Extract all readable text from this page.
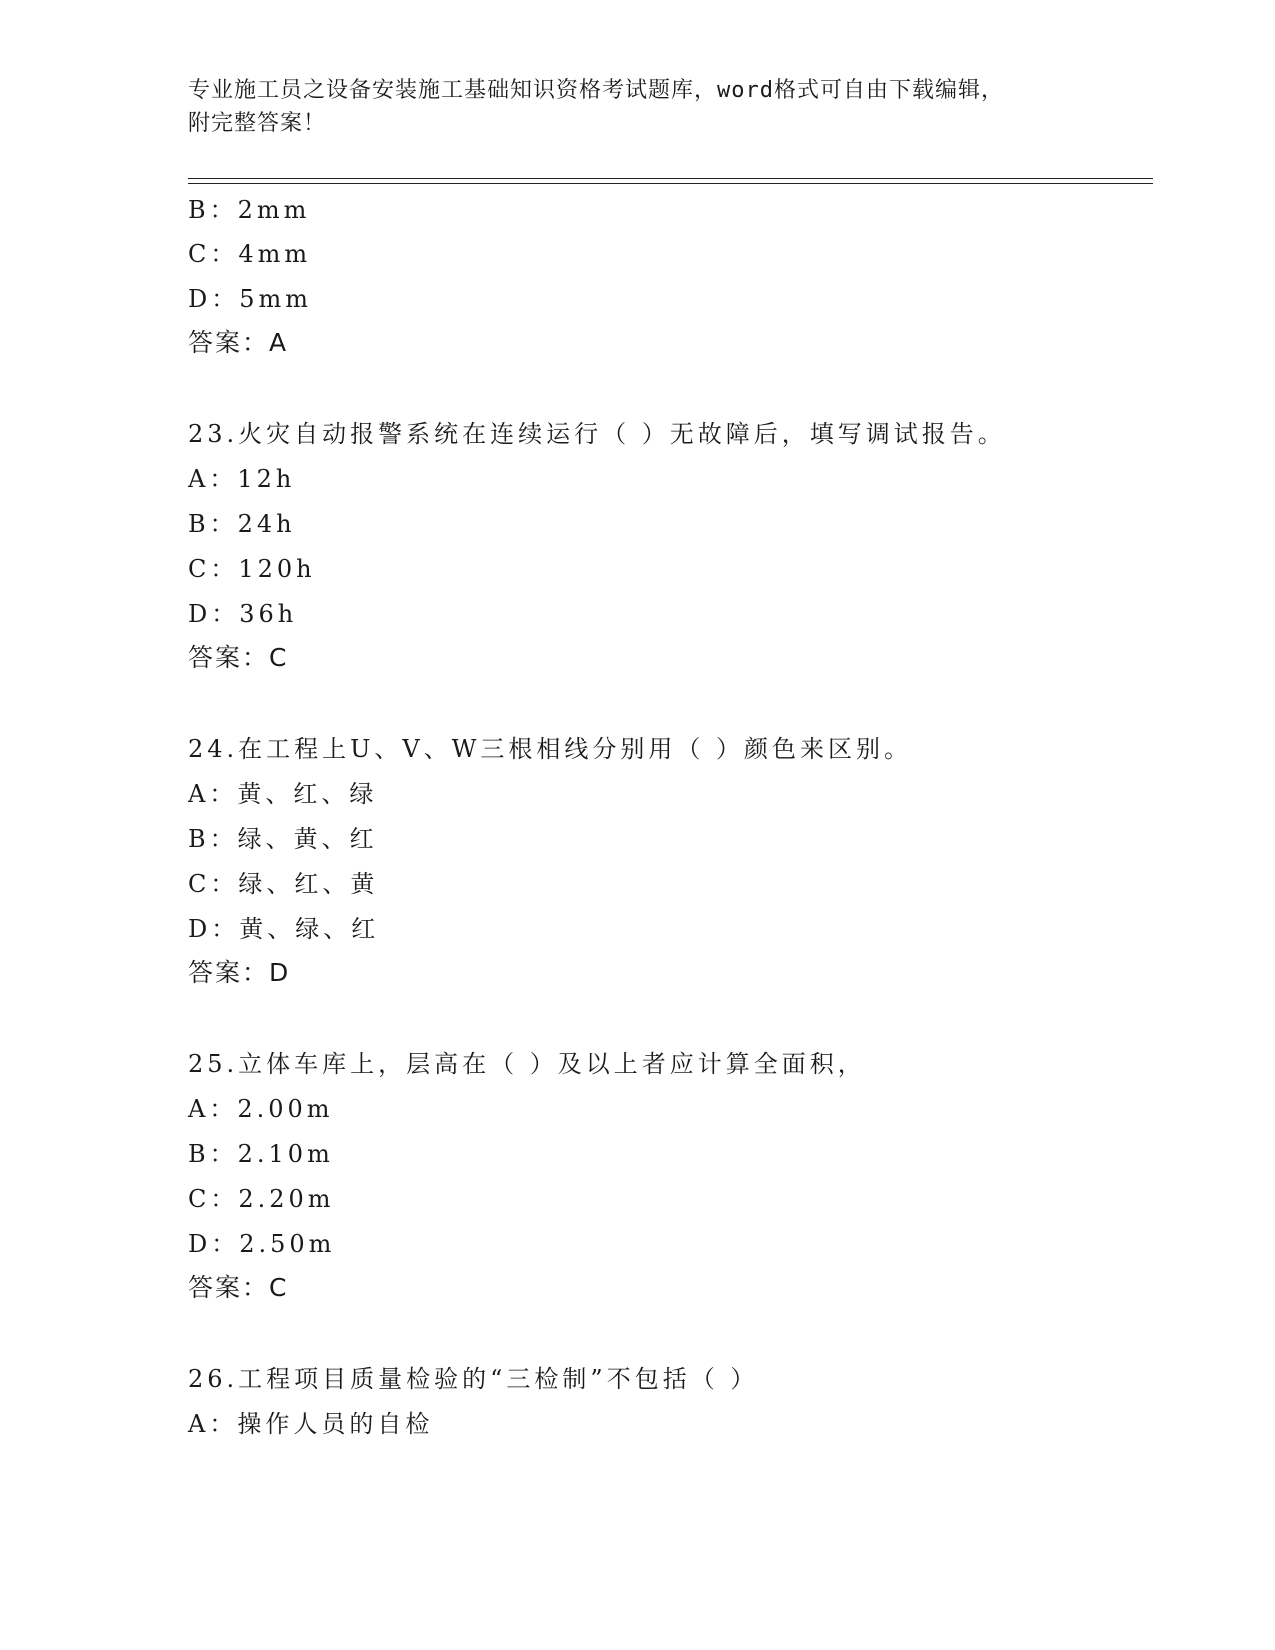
专业施工员之设备安装施工基础知识资格考试题库，word格式可自由下载编辑，
附完整答案！
B：2mm
C：4mm
D：5mm
答案：A
23.火灾自动报警系统在连续运行（ ）无故障后，填写调试报告。
A：12h
B：24h
C：120h
D：36h
答案：C
24.在工程上U、V、W三根相线分别用（ ）颜色来区别。
A：黄、红、绿
B：绿、黄、红
C：绿、红、黄
D：黄、绿、红
答案：D
25.立体车库上，层高在（ ）及以上者应计算全面积，
A：2.00m
B：2.10m
C：2.20m
D：2.50m
答案：C
26.工程项目质量检验的“三检制”不包括（ ）
A：操作人员的自检
